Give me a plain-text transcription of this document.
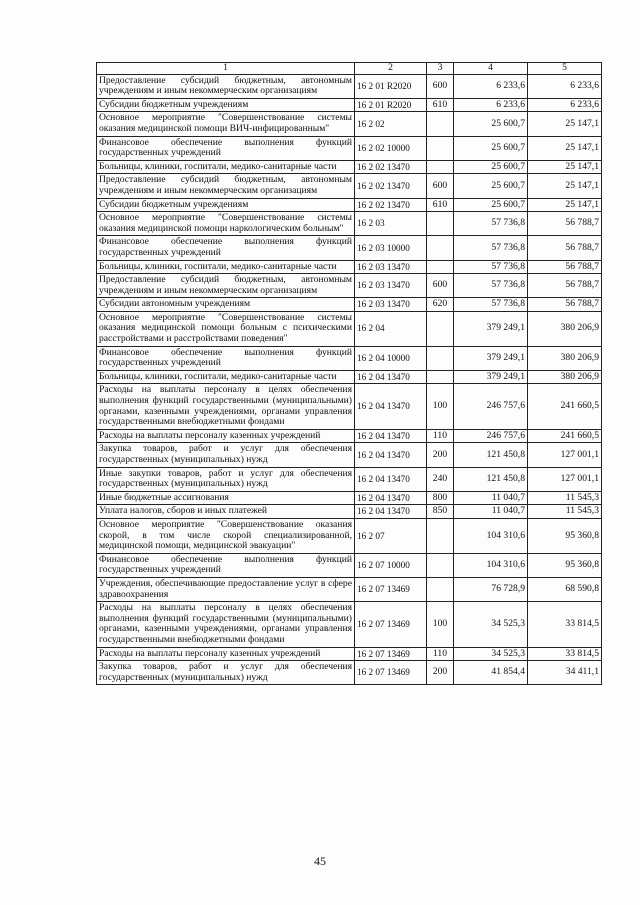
1	2	3	4	5
Предоставление субсидий бюджетным, автономным учреждениям и иным некоммерческим организациям	16 2 01 R2020	600	6 233,6	6 233,6
Субсидии бюджетным учреждениям	16 2 01 R2020	610	6 233,6	6 233,6
Основное мероприятие "Совершенствование системы оказания медицинской помощи ВИЧ-инфицированным"	16 2 02		25 600,7	25 147,1
Финансовое обеспечение выполнения функций государственных учреждений	16 2 02 10000		25 600,7	25 147,1
Больницы, клиники, госпитали, медико-санитарные части	16 2 02 13470		25 600,7	25 147,1
Предоставление субсидий бюджетным, автономным учреждениям и иным некоммерческим организациям	16 2 02 13470	600	25 600,7	25 147,1
Субсидии бюджетным учреждениям	16 2 02 13470	610	25 600,7	25 147,1
Основное мероприятие "Совершенствование системы оказания медицинской помощи наркологическим больным"	16 2 03		57 736,8	56 788,7
Финансовое обеспечение выполнения функций государственных учреждений	16 2 03 10000		57 736,8	56 788,7
Больницы, клиники, госпитали, медико-санитарные части	16 2 03 13470		57 736,8	56 788,7
Предоставление субсидий бюджетным, автономным учреждениям и иным некоммерческим организациям	16 2 03 13470	600	57 736,8	56 788,7
Субсидии автономным учреждениям	16 2 03 13470	620	57 736,8	56 788,7
Основное мероприятие "Совершенствование системы оказания медицинской помощи больным с психическими расстройствами и расстройствами поведения"	16 2 04		379 249,1	380 206,9
Финансовое обеспечение выполнения функций государственных учреждений	16 2 04 10000		379 249,1	380 206,9
Больницы, клиники, госпитали, медико-санитарные части	16 2 04 13470		379 249,1	380 206,9
Расходы на выплаты персоналу в целях обеспечения выполнения функций государственными (муниципальными) органами, казенными учреждениями, органами управления государственными внебюджетными фондами	16 2 04 13470	100	246 757,6	241 660,5
Расходы на выплаты персоналу казенных учреждений	16 2 04 13470	110	246 757,6	241 660,5
Закупка товаров, работ и услуг для обеспечения государственных (муниципальных) нужд	16 2 04 13470	200	121 450,8	127 001,1
Иные закупки товаров, работ и услуг для обеспечения государственных (муниципальных) нужд	16 2 04 13470	240	121 450,8	127 001,1
Иные бюджетные ассигнования	16 2 04 13470	800	11 040,7	11 545,3
Уплата налогов, сборов и иных платежей	16 2 04 13470	850	11 040,7	11 545,3
Основное мероприятие "Совершенствование оказания скорой, в том числе скорой специализированной, медицинской помощи, медицинской эвакуации"	16 2 07		104 310,6	95 360,8
Финансовое обеспечение выполнения функций государственных учреждений	16 2 07 10000		104 310,6	95 360,8
Учреждения, обеспечивающие предоставление услуг в сфере здравоохранения	16 2 07 13469		76 728,9	68 590,8
Расходы на выплаты персоналу в целях обеспечения выполнения функций государственными (муниципальными) органами, казенными учреждениями, органами управления государственными внебюджетными фондами	16 2 07 13469	100	34 525,3	33 814,5
Расходы на выплаты персоналу казенных учреждений	16 2 07 13469	110	34 525,3	33 814,5
Закупка товаров, работ и услуг для обеспечения государственных (муниципальных) нужд	16 2 07 13469	200	41 854,4	34 411,1
45
